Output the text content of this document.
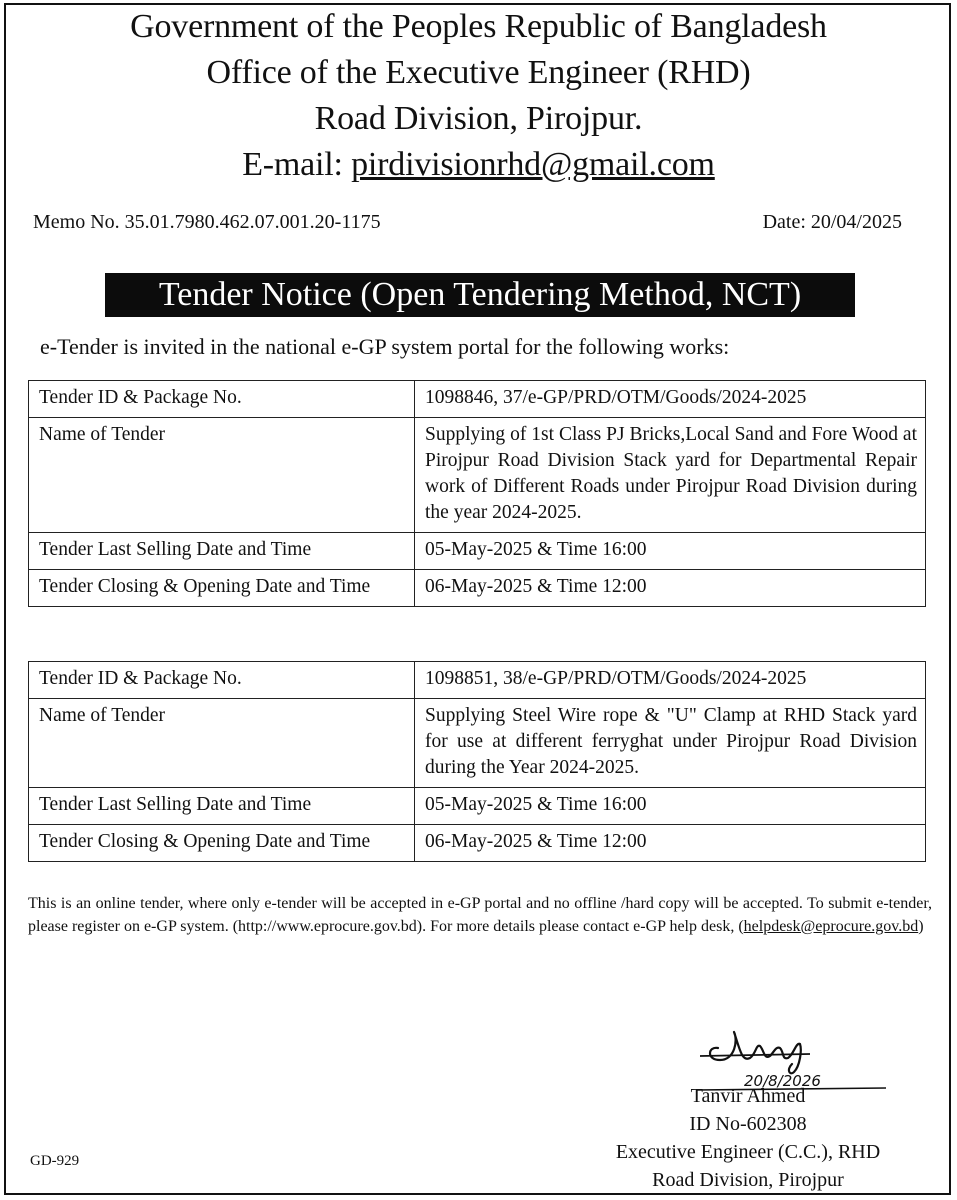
Government of the Peoples Republic of Bangladesh
Office of the Executive Engineer (RHD)
Road Division, Pirojpur.
E-mail: pirdivisionrhd@gmail.com
Memo No. 35.01.7980.462.07.001.20-1175	Date: 20/04/2025
Tender Notice (Open Tendering Method, NCT)
e-Tender is invited in the national e-GP system portal for the following works:
Tender ID & Package No.	1098846, 37/e-GP/PRD/OTM/Goods/2024-2025
Name of Tender	Supplying of 1st Class PJ Bricks,Local Sand and Fore Wood at Pirojpur Road Division Stack yard for Departmental Repair work of Different Roads under Pirojpur Road Division during the year 2024-2025.
Tender Last Selling Date and Time	05-May-2025 & Time 16:00
Tender Closing & Opening Date and Time	06-May-2025 & Time 12:00
Tender ID & Package No.	1098851, 38/e-GP/PRD/OTM/Goods/2024-2025
Name of Tender	Supplying Steel Wire rope & "U" Clamp at RHD Stack yard for use at different ferryghat under Pirojpur Road Division during the Year 2024-2025.
Tender Last Selling Date and Time	05-May-2025 & Time 16:00
Tender Closing & Opening Date and Time	06-May-2025 & Time 12:00
This is an online tender, where only e-tender will be accepted in e-GP portal and no offline /hard copy will be accepted. To submit e-tender, please register on e-GP system. (http://www.eprocure.gov.bd). For more details please contact e-GP help desk, (helpdesk@eprocure.gov.bd)
20/8/2026
Tanvir Ahmed
ID No-602308
Executive Engineer (C.C.), RHD
Road Division, Pirojpur
GD-929
